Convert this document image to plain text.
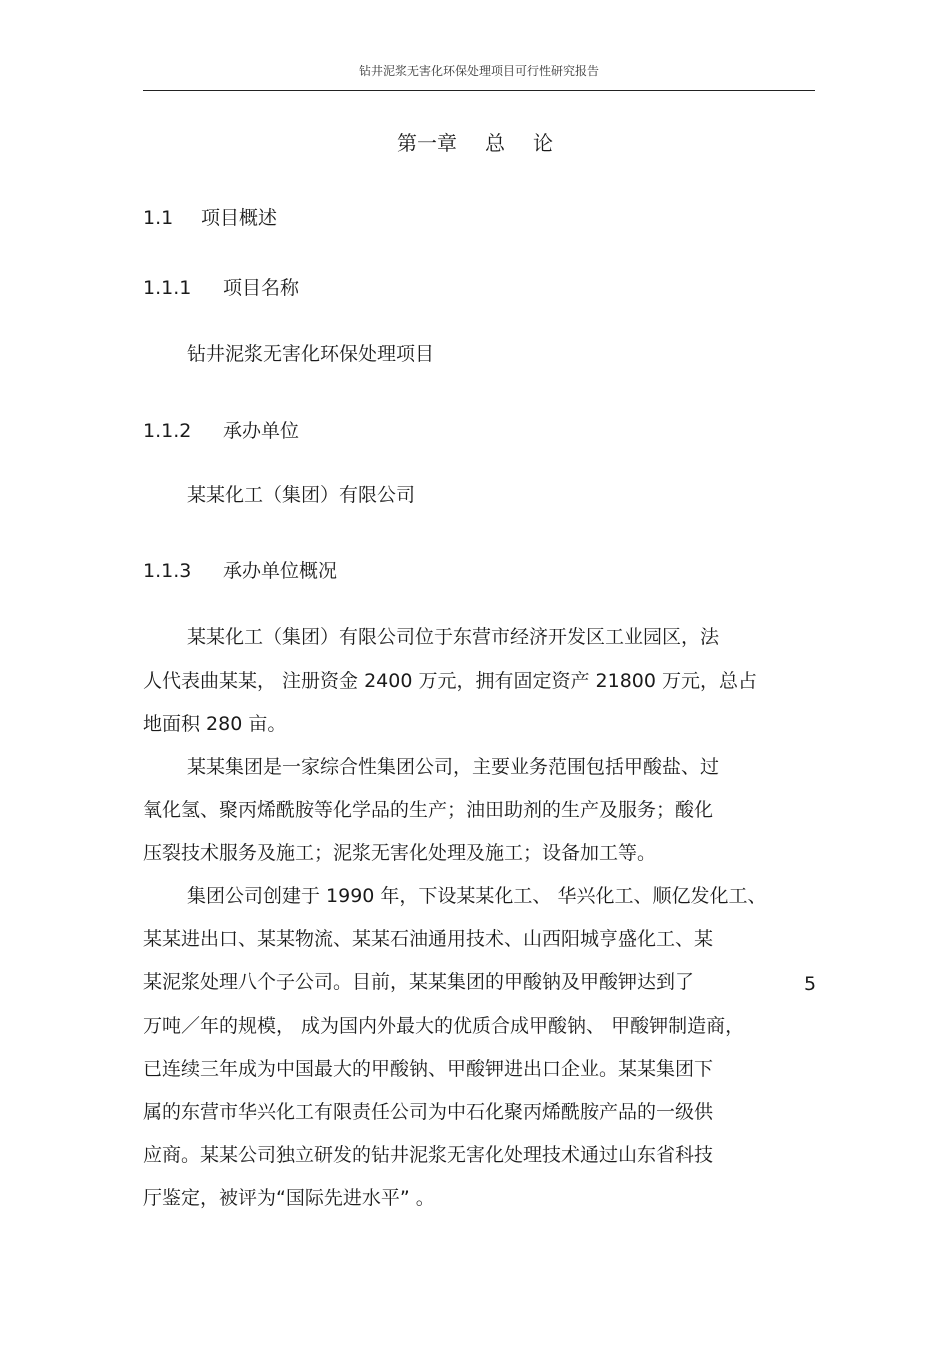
钻井泥浆无害化环保处理项目可行性研究报告
第一章 总 论
1.1 项目概述
1.1.1 项目名称
钻井泥浆无害化环保处理项目
1.1.2 承办单位
某某化工（集团）有限公司
1.1.3 承办单位概况
某某化工（集团）有限公司位于东营市经济开发区工业园区，法
人代表曲某某， 注册资金 2400 万元，拥有固定资产 21800 万元，总占
地面积 280 亩。
某某集团是一家综合性集团公司，主要业务范围包括甲酸盐、过
氧化氢、聚丙烯酰胺等化学品的生产；油田助剂的生产及服务；酸化
压裂技术服务及施工；泥浆无害化处理及施工；设备加工等。
集团公司创建于 1990 年，下设某某化工、 华兴化工、顺亿发化工、
某某进出口、某某物流、某某石油通用技术、山西阳城亨盛化工、某
某泥浆处理八个子公司。目前，某某集团的甲酸钠及甲酸钾达到了	5
万吨／年的规模， 成为国内外最大的优质合成甲酸钠、 甲酸钾制造商，
已连续三年成为中国最大的甲酸钠、甲酸钾进出口企业。某某集团下
属的东营市华兴化工有限责任公司为中石化聚丙烯酰胺产品的一级供
应商。某某公司独立研发的钻井泥浆无害化处理技术通过山东省科技
厅鉴定，被评为“国际先进水平” 。
